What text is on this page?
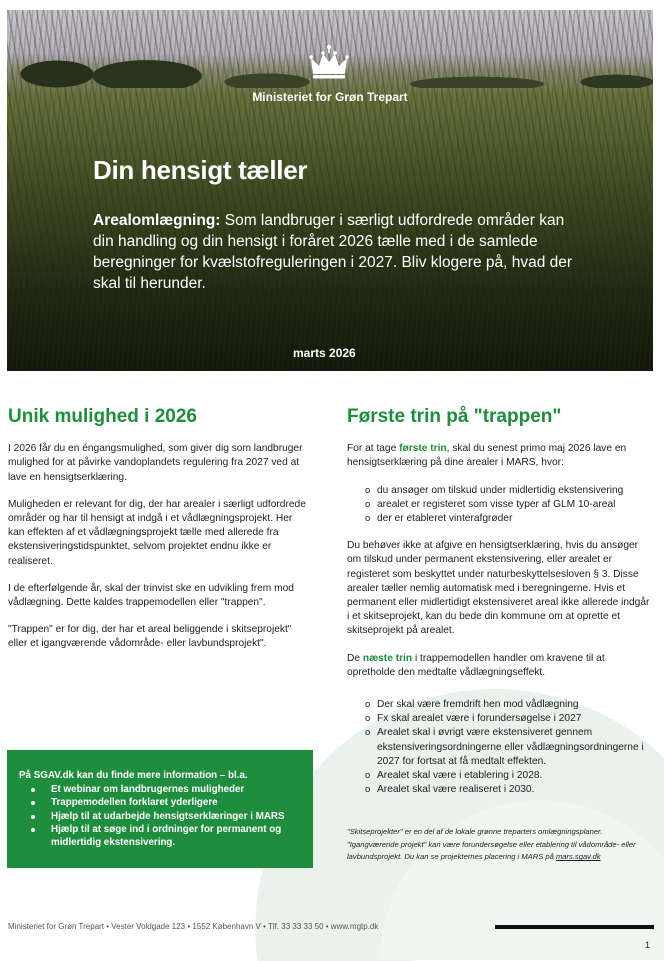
Ministeriet for Grøn Trepart
Din hensigt tæller

Arealomlægning: Som landbruger i særligt udfordrede områder kan din handling og din hensigt i foråret 2026 tælle med i de samlede beregninger for kvælstofreguleringen i 2027. Bliv klogere på, hvad der skal til herunder.

marts 2026
Unik mulighed i 2026

I 2026 får du en éngangsmulighed, som giver dig som landbruger mulighed for at påvirke vandoplandets regulering fra 2027 ved at lave en hensigtserklæring.

Muligheden er relevant for dig, der har arealer i særligt udfordrede områder og har til hensigt at indgå i et vådlægningsprojekt. Her kan effekten af et vådlægningsprojekt tælle med allerede fra ekstensiveringstidspunktet, selvom projektet endnu ikke er realiseret.

I de efterfølgende år, skal der trinvist ske en udvikling frem mod vådlægning. Dette kaldes trappemodellen eller "trappen".

"Trappen" er for dig, der har et areal beliggende i skitseprojekt" eller et igangværende vådområde- eller lavbundsprojekt".

På SGAV.dk kan du finde mere information – bl.a.
Et webinar om landbrugernes muligheder
Trappemodellen forklaret yderligere
Hjælp til at udarbejde hensigtserklæringer i MARS
Hjælp til at søge ind i ordninger for permanent og midlertidig ekstensivering.
Første trin på "trappen"

For at tage første trin, skal du senest primo maj 2026 lave en hensigtserklæring på dine arealer i MARS, hvor:

o du ansøger om tilskud under midlertidig ekstensivering
o arealet er registeret som visse typer af GLM 10-areal
o der er etableret vinterafgrøder

Du behøver ikke at afgive en hensigtserklæring, hvis du ansøger om tilskud under permanent ekstensivering, eller arealet er registeret som beskyttet under naturbeskyttelsesloven § 3. Disse arealer tæller nemlig automatisk med i beregningerne. Hvis et permanent eller midlertidigt ekstensiveret areal ikke allerede indgår i et skitseprojekt, kan du bede din kommune om at oprette et skitseprojekt på arealet.

De næste trin i trappemodellen handler om kravene til at opretholde den medtalte vådlægningseffekt.

o Der skal være fremdrift hen mod vådlægning
o Fx skal arealet være i forundersøgelse i 2027
o Arealet skal i øvrigt være ekstensiveret gennem ekstensiveringsordningerne eller vådlægningsordningerne i 2027 for fortsat at få medtalt effekten.
o Arealet skal være i etablering i 2028.
o Arealet skal være realiseret i 2030.
"Skitseprojekter" er en del af de lokale grønne treparters omlægningsplaner. "Igangværende projekt" kan være forundersøgelse eller etablering til vådområde- eller lavbundsprojekt. Du kan se projekternes placering i MARS på mars.sgav.dk
Ministeriet for Grøn Trepart • Vester Voldgade 123 • 1552 København V • Tlf. 33 33 33 50 • www.mgtp.dk
1
